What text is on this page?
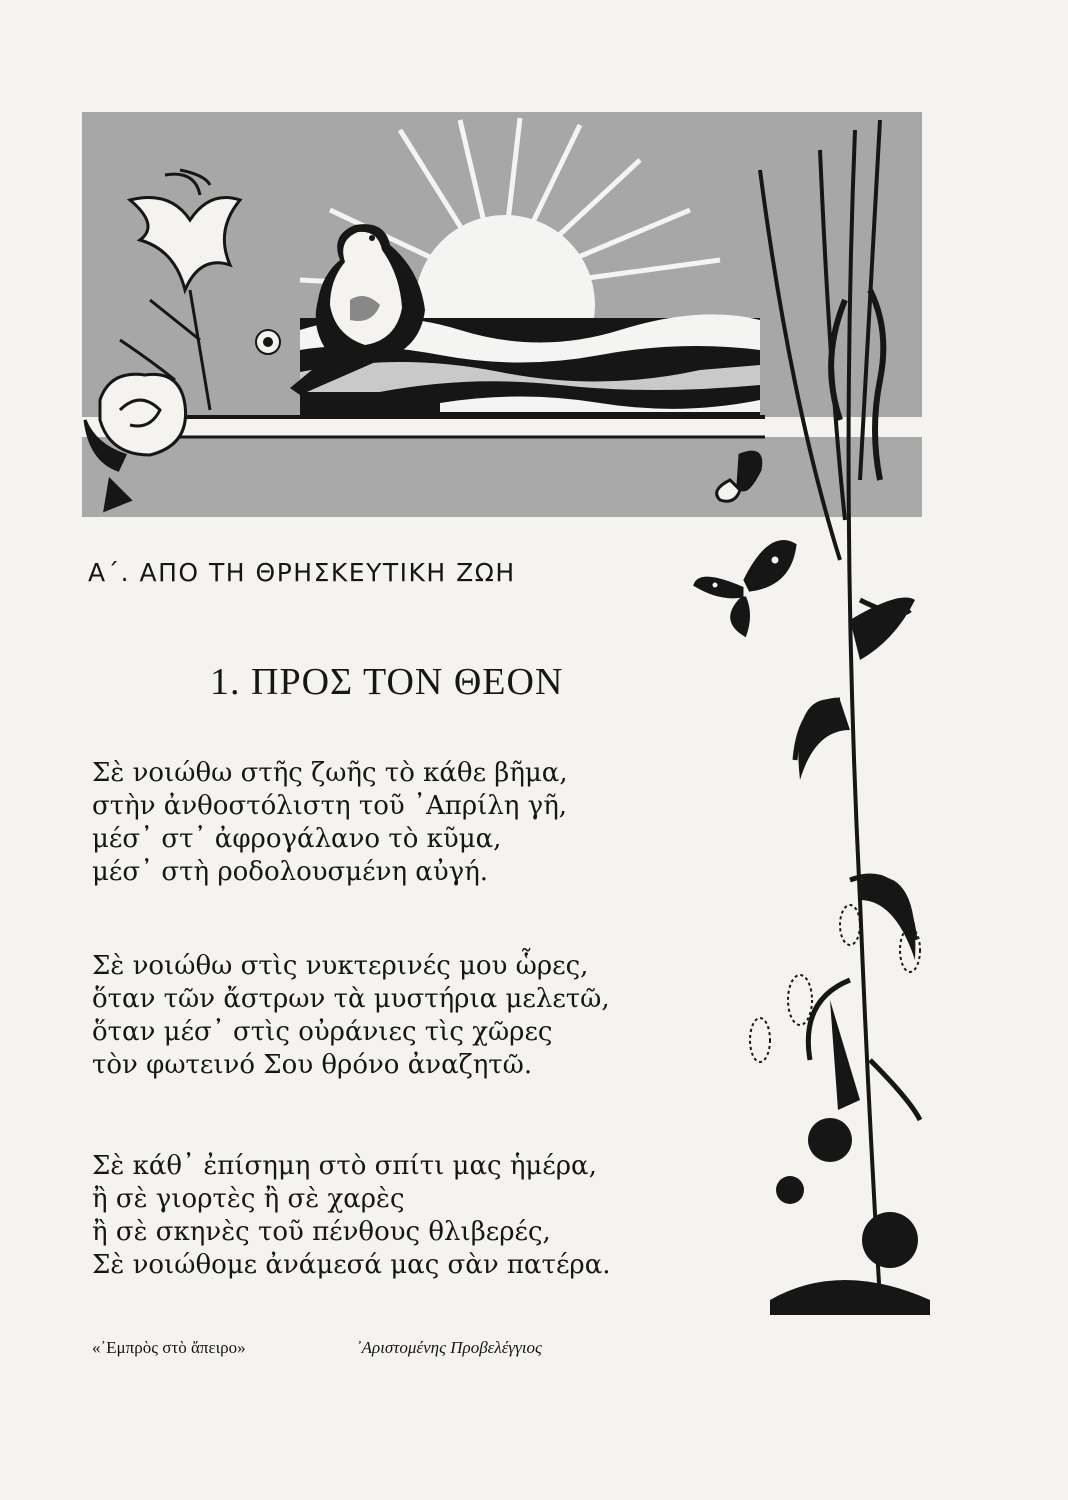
Α΄. ΑΠΟ ΤΗ ΘΡΗΣΚΕΥΤΙΚΗ ΖΩΗ
1. ΠΡΟΣ ΤΟΝ ΘΕΟΝ
Σὲ νοιώθω στῆς ζωῆς τὸ κάθε βῆμα,
στὴν ἀνθοστόλιστη τοῦ ᾿Απρίλη γῆ,
μέσ᾿ στ᾿ ἀφρογάλανο τὸ κῦμα,
μέσ᾿ στὴ ροδολουσμένη αὐγή.
Σὲ νοιώθω στὶς νυκτερινές μου ὧρες,
ὅταν τῶν ἄστρων τὰ μυστήρια μελετῶ,
ὅταν μέσ᾿ στὶς οὐράνιες τὶς χῶρες
τὸν φωτεινό Σου θρόνο ἀναζητῶ.
Σὲ κάθ᾿ ἐπίσημη στὸ σπίτι μας ἡμέρα,
ἢ σὲ γιορτὲς ἢ σὲ χαρὲς
ἢ σὲ σκηνὲς τοῦ πένθους θλιβερές,
Σὲ νοιώθομε ἀνάμεσά μας σὰν πατέρα.
«᾿Εμπρὸς στὸ ἄπειρο»	᾿Αριστομένης Προβελέγγιος
